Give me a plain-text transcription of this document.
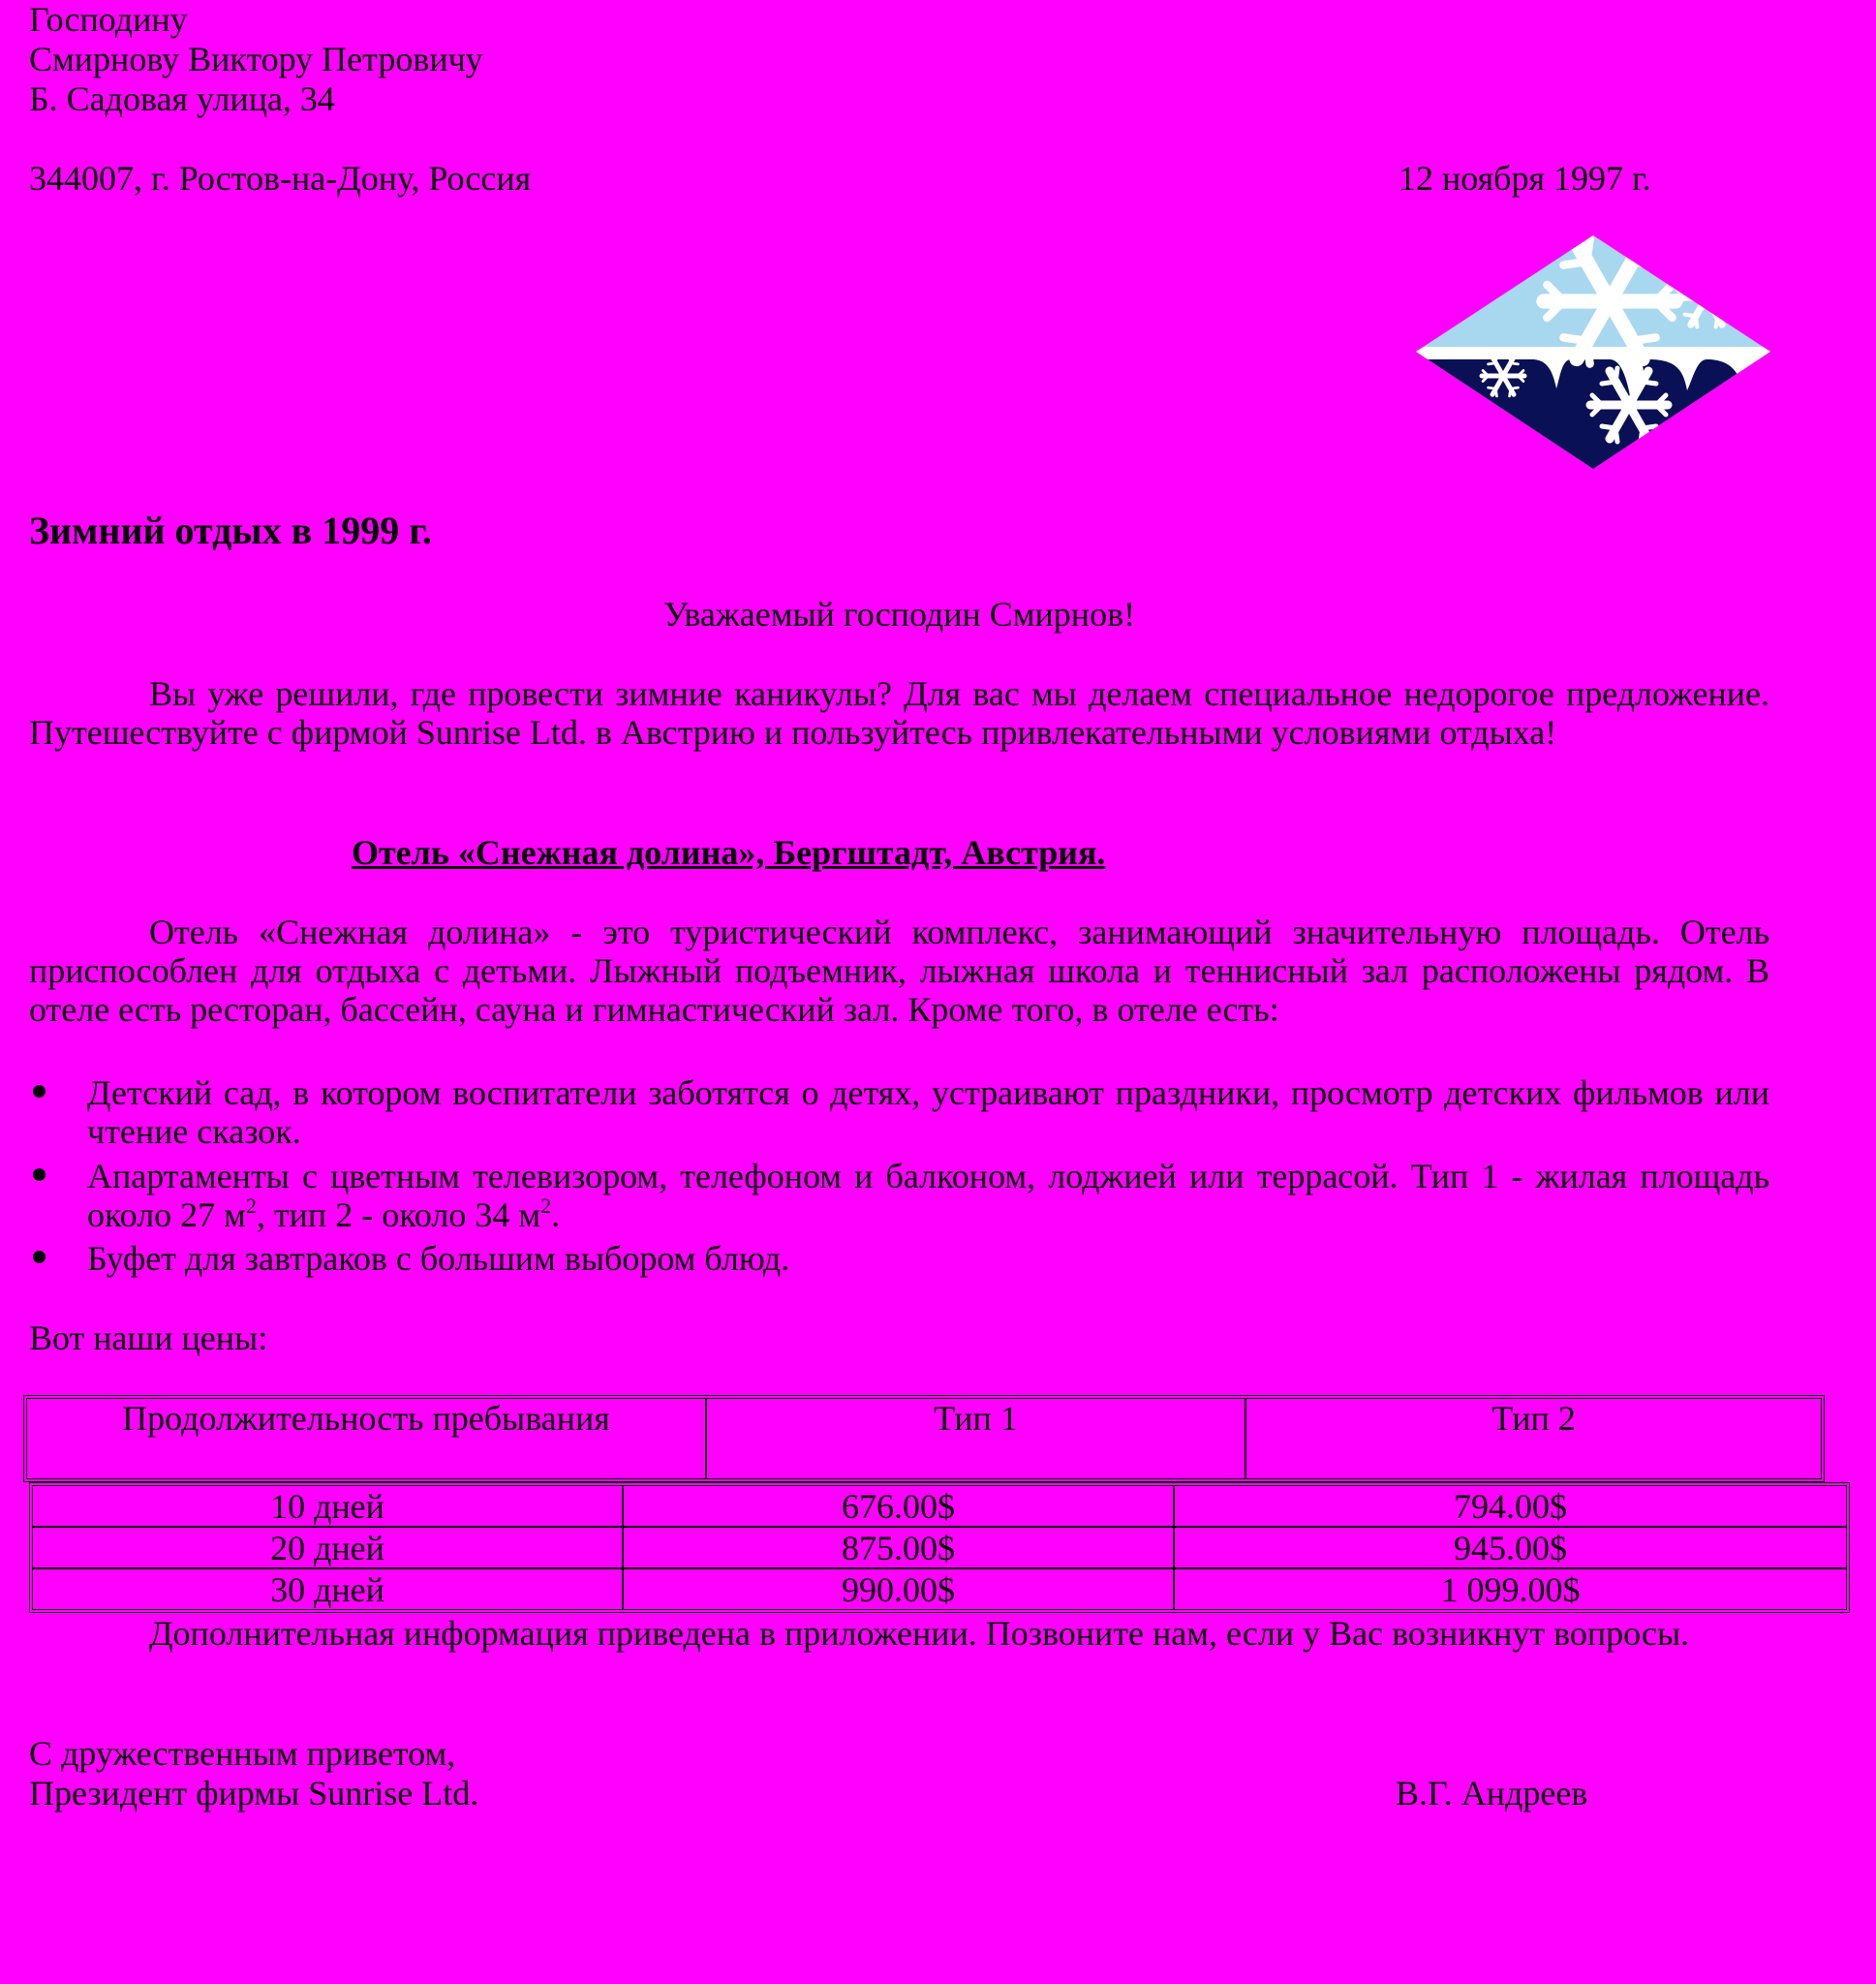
Господину
Смирнову Виктору Петровичу
Б. Садовая улица, 34
344007, г. Ростов-на-Дону, Россия	12 ноября 1997 г.
Зимний отдых в 1999 г.
Уважаемый господин Смирнов!
Вы уже решили, где провести зимние каникулы? Для вас мы делаем специальное недорогое предложение. Путешествуйте с фирмой Sunrise Ltd. в Австрию и пользуйтесь привлекательными условиями отдыха!
Отель «Снежная долина», Бергштадт, Австрия.
Отель «Снежная долина» - это туристический комплекс, занимающий значительную площадь. Отель приспособлен для отдыха с детьми. Лыжный подъемник, лыжная школа и теннисный зал расположены рядом. В отеле есть ресторан, бассейн, сауна и гимнастический зал. Кроме того, в отеле есть:
Детский сад, в котором воспитатели заботятся о детях, устраивают праздники, просмотр детских фильмов или чтение сказок.
Апартаменты с цветным телевизором, телефоном и балконом, лоджией или террасой. Тип 1 - жилая площадь около 27 $м^2$, тип 2 - около 34 $м^2$.
Буфет для завтраков с большим выбором блюд.
Вот наши цены:
Продолжительность пребывания	Тип 1	Тип 2
10 дней	676.00$	794.00$
20 дней	875.00$	945.00$
30 дней	990.00$	1 099.00$
Дополнительная информация приведена в приложении. Позвоните нам, если у Вас возникнут вопросы.
С дружественным приветом,
Президент фирмы Sunrise Ltd.	В.Г. Андреев
